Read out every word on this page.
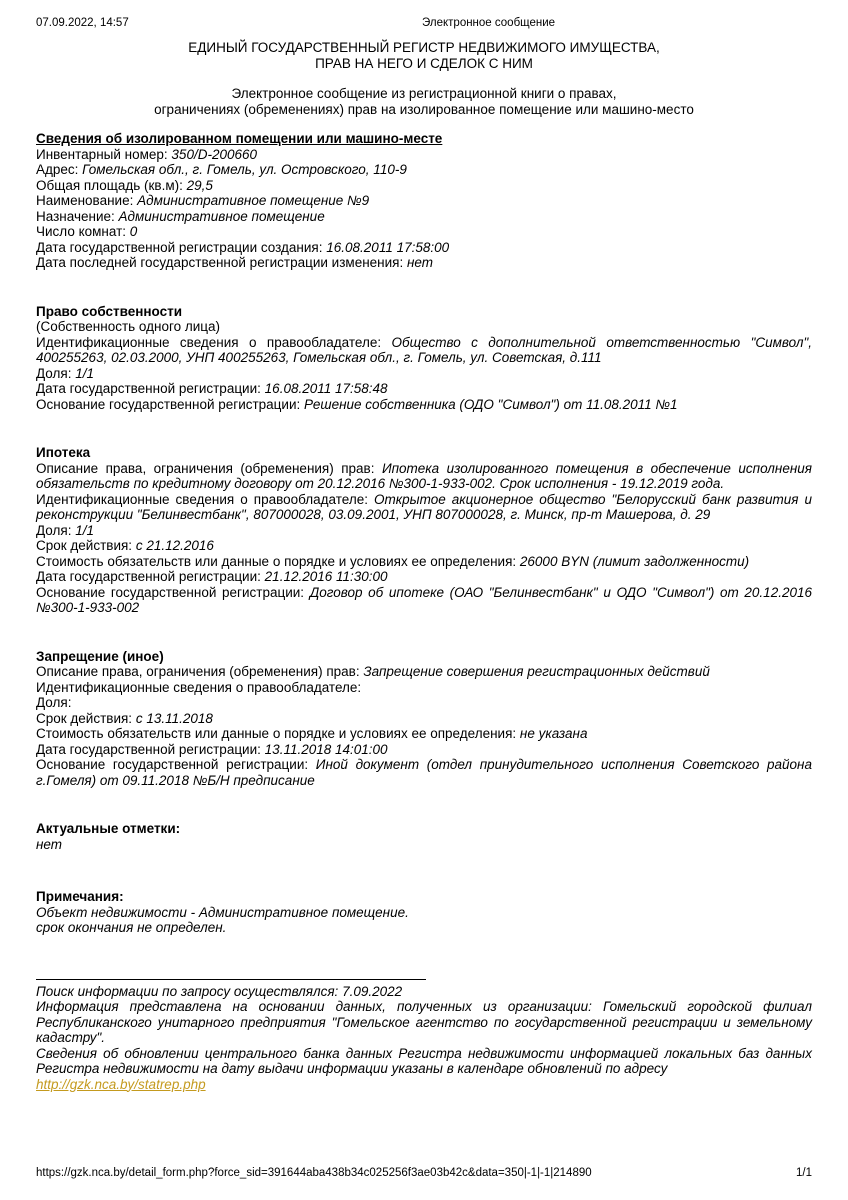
07.09.2022, 14:57	Электронное сообщение
ЕДИНЫЙ ГОСУДАРСТВЕННЫЙ РЕГИСТР НЕДВИЖИМОГО ИМУЩЕСТВА,
ПРАВ НА НЕГО И СДЕЛОК С НИМ
Электронное сообщение из регистрационной книги о правах,
ограничениях (обременениях) прав на изолированное помещение или машино-место
Сведения об изолированном помещении или машино-месте
Инвентарный номер: 350/D-200660
Адрес: Гомельская обл., г. Гомель, ул. Островского, 110-9
Общая площадь (кв.м): 29,5
Наименование: Административное помещение №9
Назначение: Административное помещение
Число комнат: 0
Дата государственной регистрации создания: 16.08.2011 17:58:00
Дата последней государственной регистрации изменения: нет
Право собственности
(Собственность одного лица)
Идентификационные сведения о правообладателе: Общество с дополнительной ответственностью "Символ", 400255263, 02.03.2000, УНП 400255263, Гомельская обл., г. Гомель, ул. Советская, д.111
Доля: 1/1
Дата государственной регистрации: 16.08.2011 17:58:48
Основание государственной регистрации: Решение собственника (ОДО "Символ") от 11.08.2011 №1
Ипотека
Описание права, ограничения (обременения) прав: Ипотека изолированного помещения в обеспечение исполнения обязательств по кредитному договору от 20.12.2016 №300-1-933-002. Срок исполнения - 19.12.2019 года.
Идентификационные сведения о правообладателе: Открытое акционерное общество "Белорусский банк развития и реконструкции "Белинвестбанк", 807000028, 03.09.2001, УНП 807000028, г. Минск, пр-т Машерова, д. 29
Доля: 1/1
Срок действия: с 21.12.2016
Стоимость обязательств или данные о порядке и условиях ее определения: 26000 BYN (лимит задолженности)
Дата государственной регистрации: 21.12.2016 11:30:00
Основание государственной регистрации: Договор об ипотеке (ОАО "Белинвестбанк" и ОДО "Символ") от 20.12.2016 №300-1-933-002
Запрещение (иное)
Описание права, ограничения (обременения) прав: Запрещение совершения регистрационных действий
Идентификационные сведения о правообладателе:
Доля:
Срок действия: с 13.11.2018
Стоимость обязательств или данные о порядке и условиях ее определения: не указана
Дата государственной регистрации: 13.11.2018 14:01:00
Основание государственной регистрации: Иной документ (отдел принудительного исполнения Советского района г.Гомеля) от 09.11.2018 №Б/Н предписание
Актуальные отметки:
нет
Примечания:
Объект недвижимости - Административное помещение.
срок окончания не определен.
Поиск информации по запросу осуществлялся: 7.09.2022
Информация представлена на основании данных, полученных из организации: Гомельский городской филиал Республиканского унитарного предприятия "Гомельское агентство по государственной регистрации и земельному кадастру".
Сведения об обновлении центрального банка данных Регистра недвижимости информацией локальных баз данных Регистра недвижимости на дату выдачи информации указаны в календаре обновлений по адресу
http://gzk.nca.by/statrep.php
https://gzk.nca.by/detail_form.php?force_sid=391644aba438b34c025256f3ae03b42c&data=350|-1|-1|214890	1/1
